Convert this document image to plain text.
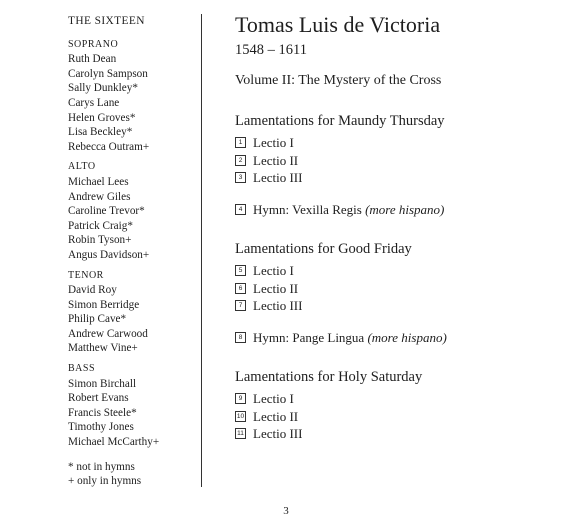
THE SIXTEEN
SOPRANO
Ruth Dean
Carolyn Sampson
Sally Dunkley*
Carys Lane
Helen Groves*
Lisa Beckley*
Rebecca Outram+
ALTO
Michael Lees
Andrew Giles
Caroline Trevor*
Patrick Craig*
Robin Tyson+
Angus Davidson+
TENOR
David Roy
Simon Berridge
Philip Cave*
Andrew Carwood
Matthew Vine+
BASS
Simon Birchall
Robert Evans
Francis Steele*
Timothy Jones
Michael McCarthy+
* not in hymns
+ only in hymns
Tomas Luis de Victoria
1548 – 1611
Volume II: The Mystery of the Cross
Lamentations for Maundy Thursday
1 Lectio I
2 Lectio II
3 Lectio III
4 Hymn: Vexilla Regis
(more hispano)
Lamentations for Good Friday
5 Lectio I
6 Lectio II
7 Lectio III
8 Hymn: Pange Lingua
(more hispano)
Lamentations for Holy Saturday
9 Lectio I
10 Lectio II
11 Lectio III
3
